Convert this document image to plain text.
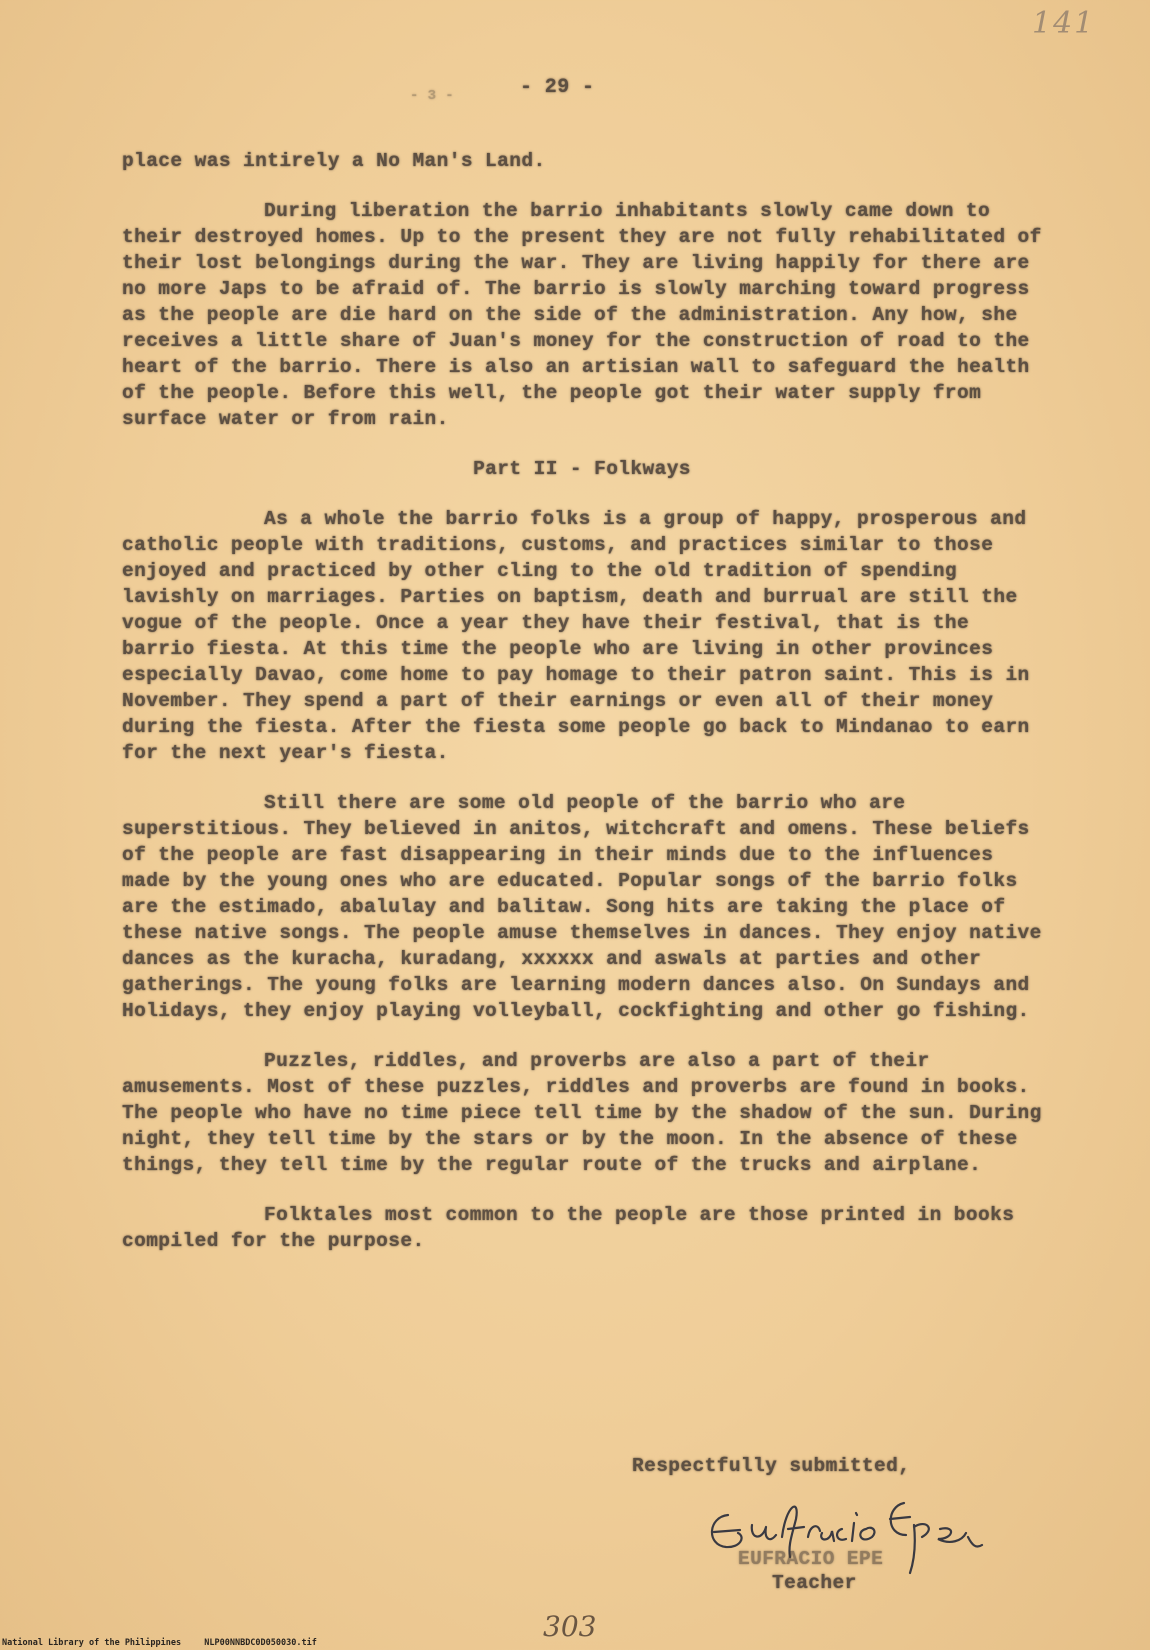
141
- 3 -	- 29 -

place was intirely a No Man's Land.

During liberation the barrio inhabitants slowly came down to their destroyed homes. Up to the present they are not fully rehabilitated of their lost belongings during the war. They are living happily for there are no more Japs to be afraid of. The barrio is slowly marching toward progress as the people are die hard on the side of the administration. Any how, she receives a little share of Juan's money for the construction of road to the heart of the barrio. There is also an artisian wall to safeguard the health of the people. Before this well, the people got their water supply from surface water or from rain.

Part II - Folkways

As a whole the barrio folks is a group of happy, prosperous and catholic people with traditions, customs, and practices similar to those enjoyed and practiced by other cling to the old tradition of spending lavishly on marriages. Parties on baptism, death and burrual are still the vogue of the people. Once a year they have their festival, that is the barrio fiesta. At this time the people who are living in other provinces especially Davao, come home to pay homage to their patron saint. This is in November. They spend a part of their earnings or even all of their money during the fiesta. After the fiesta some people go back to Mindanao to earn for the next year's fiesta.

Still there are some old people of the barrio who are superstitious. They believed in anitos, witchcraft and omens. These beliefs of the people are fast disappearing in their minds due to the influences made by the young ones who are educated. Popular songs of the barrio folks are the estimado, abalulay and balitaw. Song hits are taking the place of these native songs. The people amuse themselves in dances. They enjoy native dances as the kuracha, kuradang, xxxxxx and aswals at parties and other gatherings. The young folks are learning modern dances also. On Sundays and Holidays, they enjoy playing volleyball, cockfighting and other go fishing.

Puzzles, riddles, and proverbs are also a part of their amusements. Most of these puzzles, riddles and proverbs are found in books. The people who have no time piece tell time by the shadow of the sun. During night, they tell time by the stars or by the moon. In the absence of these things, they tell time by the regular route of the trucks and airplane.

Folktales most common to the people are those printed in books compiled for the purpose.

Respectfully submitted,
EUFRACIO EPE
Teacher
303
National Library of the Philippines	NLP00NNBDC0D050030.tif
